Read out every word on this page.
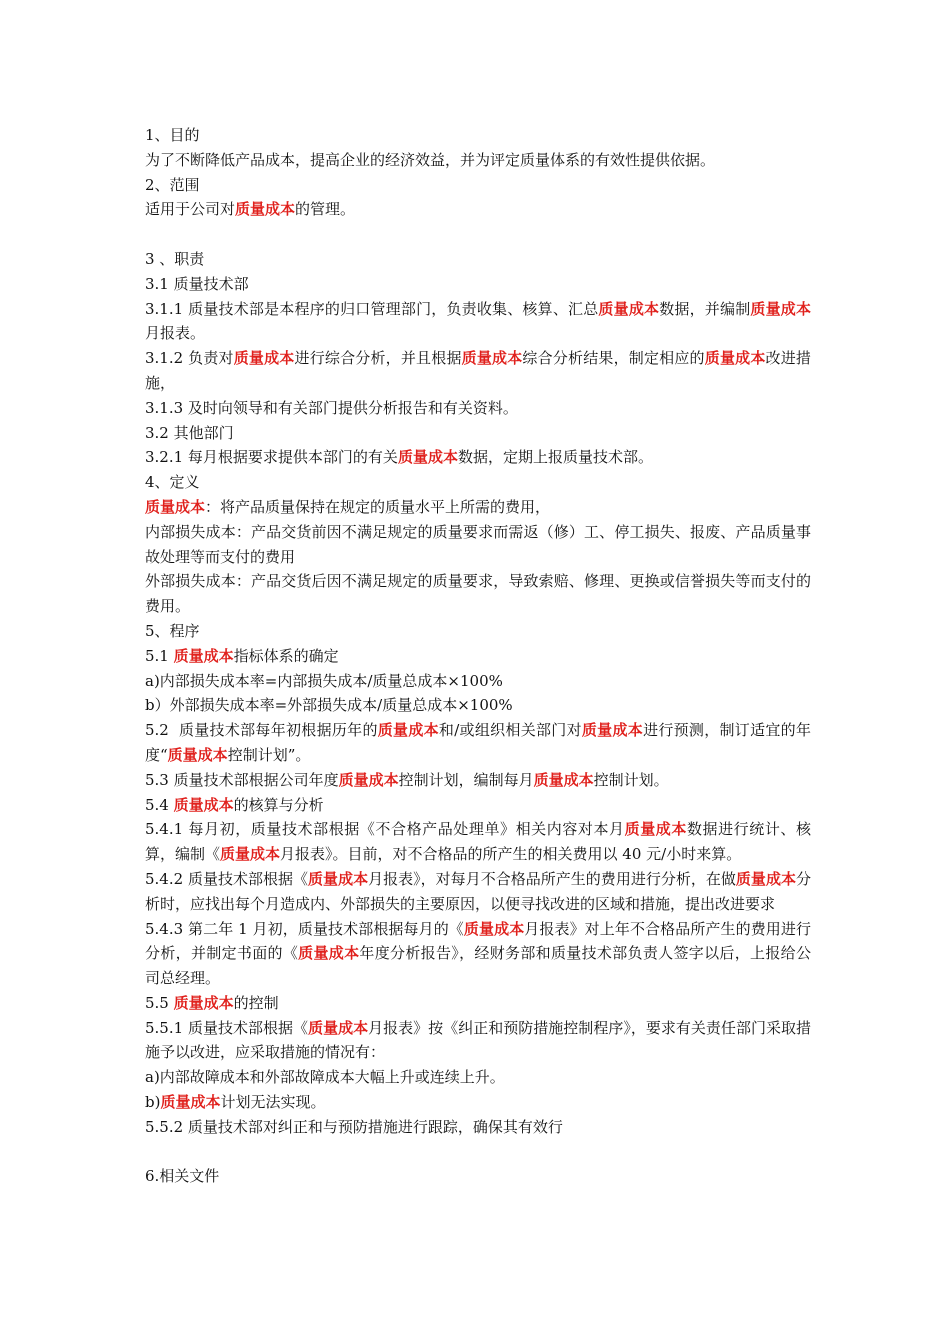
1、目的

为了不断降低产品成本，提高企业的经济效益，并为评定质量体系的有效性提供依据。

2、范围

适用于公司对质量成本的管理。

3 、职责

3.1 质量技术部

3.1.1 质量技术部是本程序的归口管理部门，负责收集、核算、汇总质量成本数据，并编制质量成本月报表。

3.1.2 负责对质量成本进行综合分析，并且根据质量成本综合分析结果，制定相应的质量成本改进措施，

3.1.3 及时向领导和有关部门提供分析报告和有关资料。

3.2 其他部门

3.2.1 每月根据要求提供本部门的有关质量成本数据，定期上报质量技术部。

4、定义

质量成本：将产品质量保持在规定的质量水平上所需的费用，

内部损失成本：产品交货前因不满足规定的质量要求而需返（修）工、停工损失、报废、产品质量事故处理等而支付的费用

外部损失成本：产品交货后因不满足规定的质量要求，导致索赔、修理、更换或信誉损失等而支付的费用。

5、程序

5.1 质量成本指标体系的确定

a)内部损失成本率=内部损失成本/质量总成本×100%

b）外部损失成本率=外部损失成本/质量总成本×100%

5.2  质量技术部每年初根据历年的质量成本和/或组织相关部门对质量成本进行预测，制订适宜的年度“质量成本控制计划”。

5.3 质量技术部根据公司年度质量成本控制计划，编制每月质量成本控制计划。

5.4 质量成本的核算与分析

5.4.1 每月初，质量技术部根据《不合格产品处理单》相关内容对本月质量成本数据进行统计、核算，编制《质量成本月报表》。目前，对不合格品的所产生的相关费用以 40 元/小时来算。

5.4.2 质量技术部根据《质量成本月报表》，对每月不合格品所产生的费用进行分析，在做质量成本分析时，应找出每个月造成内、外部损失的主要原因，以便寻找改进的区域和措施，提出改进要求

5.4.3 第二年 1 月初，质量技术部根据每月的《质量成本月报表》对上年不合格品所产生的费用进行分析，并制定书面的《质量成本年度分析报告》，经财务部和质量技术部负责人签字以后，上报给公司总经理。

5.5 质量成本的控制

5.5.1 质量技术部根据《质量成本月报表》按《纠正和预防措施控制程序》，要求有关责任部门采取措施予以改进，应采取措施的情况有：

a)内部故障成本和外部故障成本大幅上升或连续上升。

b)质量成本计划无法实现。

5.5.2 质量技术部对纠正和与预防措施进行跟踪，确保其有效行

6.相关文件
